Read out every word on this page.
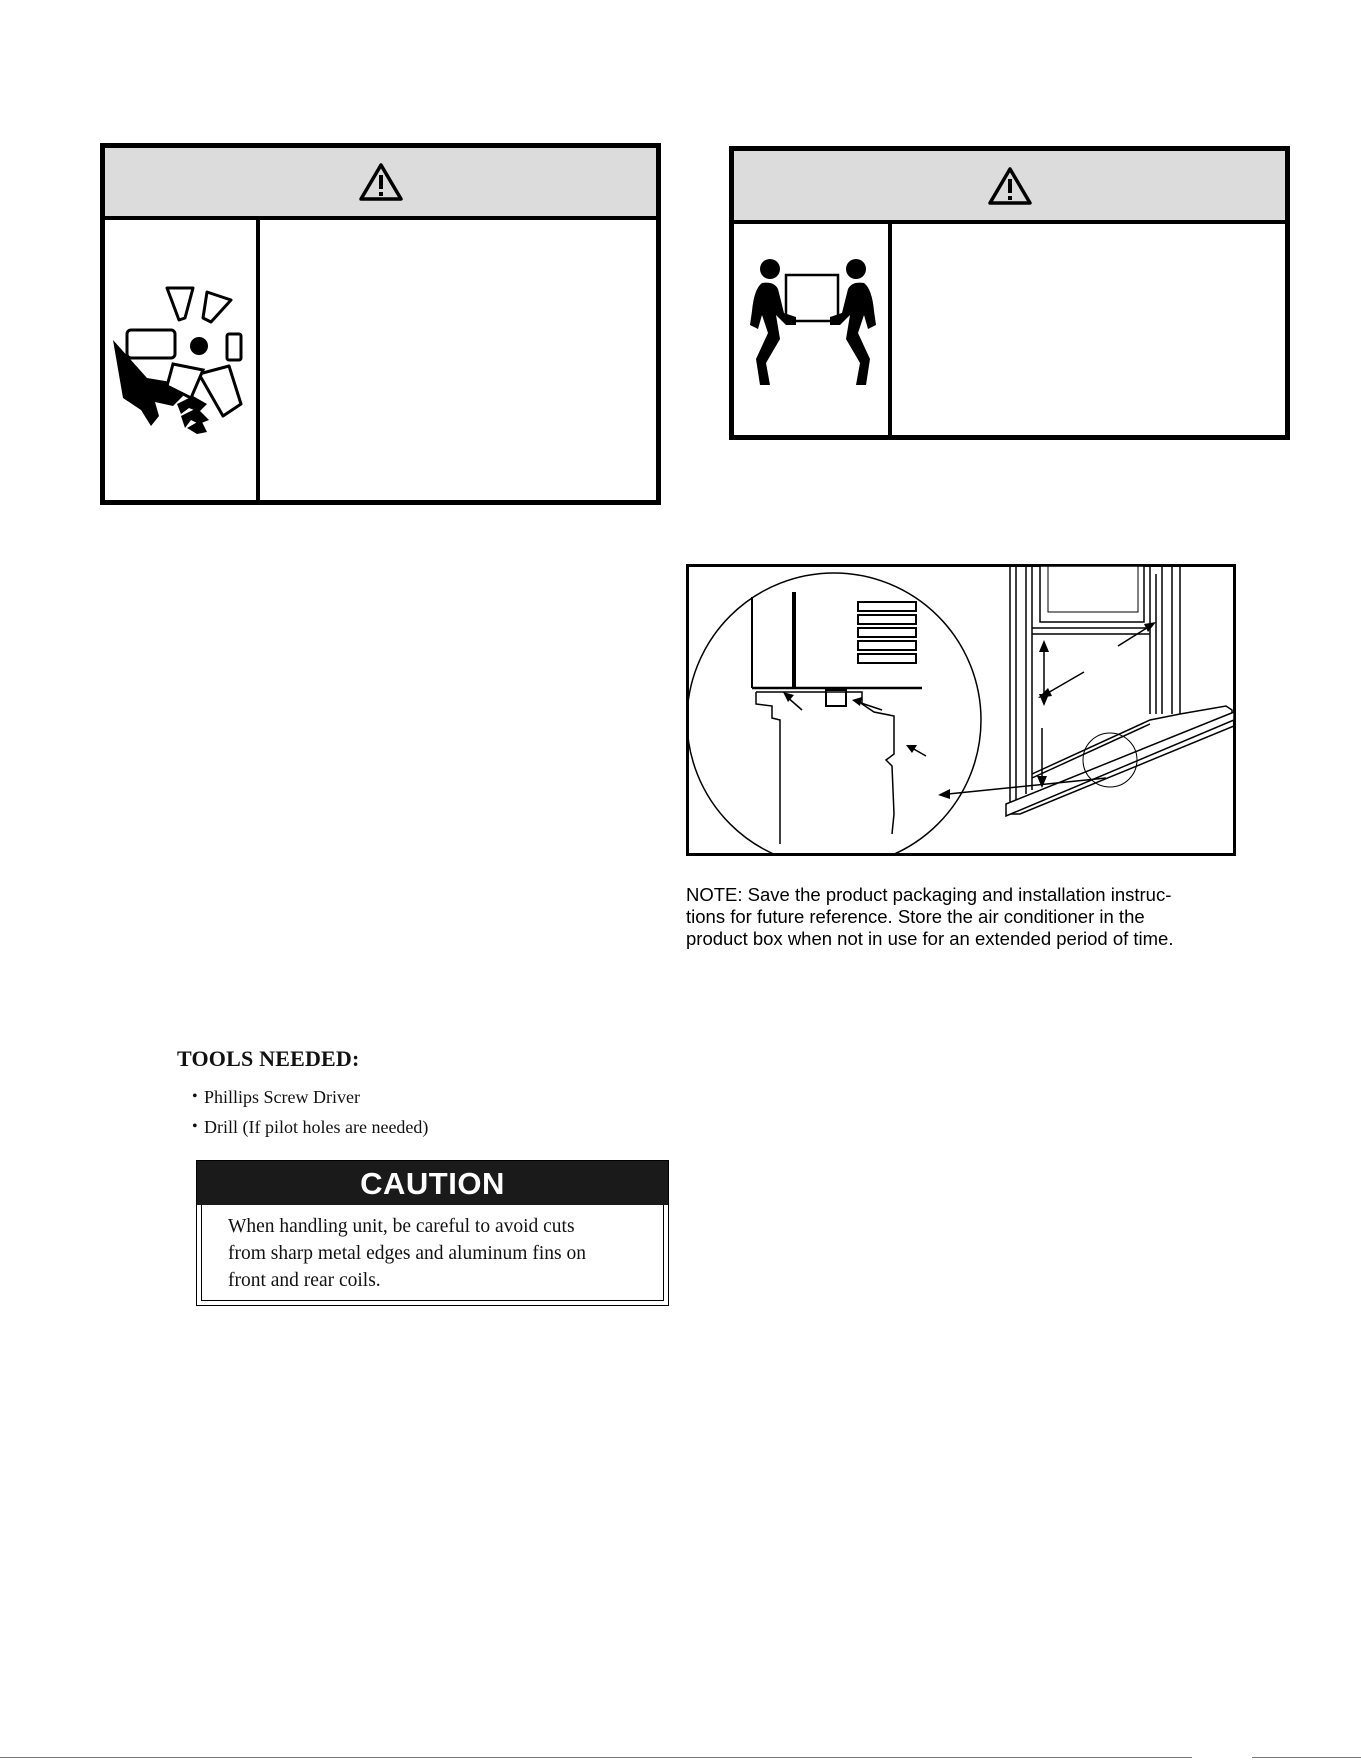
NOTE: Save the product packaging and installation instruc-
tions for future reference. Store the air conditioner in the
product box when not in use for an extended period of time.
TOOLS NEEDED:
• Phillips Screw Driver
• Drill (If pilot holes are needed)
CAUTION
When handling unit, be careful to avoid cuts
from sharp metal edges and aluminum fins on
front and rear coils.
